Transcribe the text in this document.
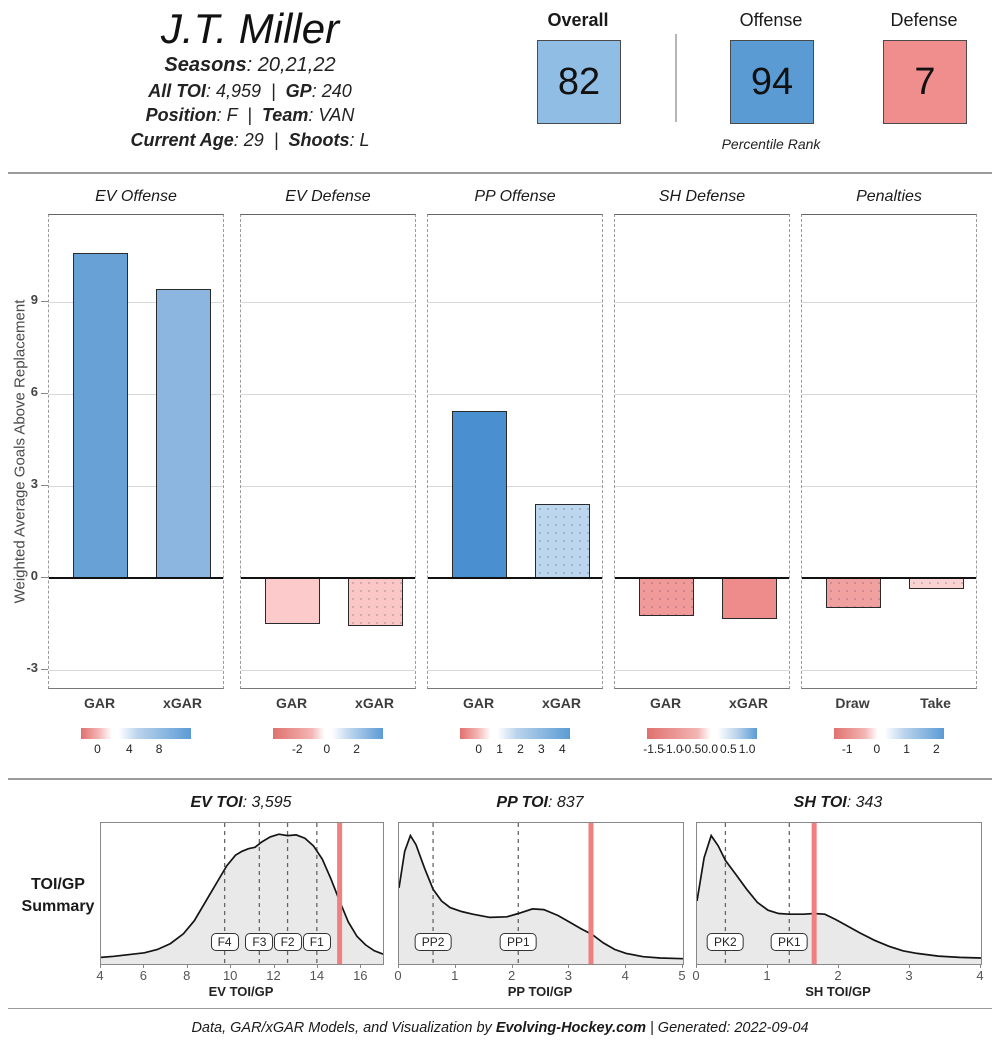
J.T. Miller
Seasons: 20,21,22
All TOI: 4,959  |  GP: 240
Position: F  |  Team: VAN
Current Age: 29  |  Shoots: L
Overall	Offense	Defense
82	94	7
Percentile Rank
Weighted Average Goals Above Replacement
9
6
3
0
-3
EV Offense
GAR	xGAR
0 4 8
EV Defense
GAR	xGAR
-2 0 2
PP Offense
GAR	xGAR
0 1 2 3 4
SH Defense
GAR	xGAR
-1.5
-1.0
-0.5 0.0 0.5 1.0
Penalties
Draw	Take
-1 0 1 2
TOI/GP
Summary
EV TOI: 3,595
F4	F3	F2	F1
4	6	8	10 12 14 16
EV TOI/GP
PP TOI: 837
PP2	PP1
0	1	2	3	4	5
PP TOI/GP
SH TOI: 343
PK2	PK1
0	1	2	3	4
SH TOI/GP
Data, GAR/xGAR Models, and Visualization by Evolving-Hockey.com | Generated: 2022-09-04
